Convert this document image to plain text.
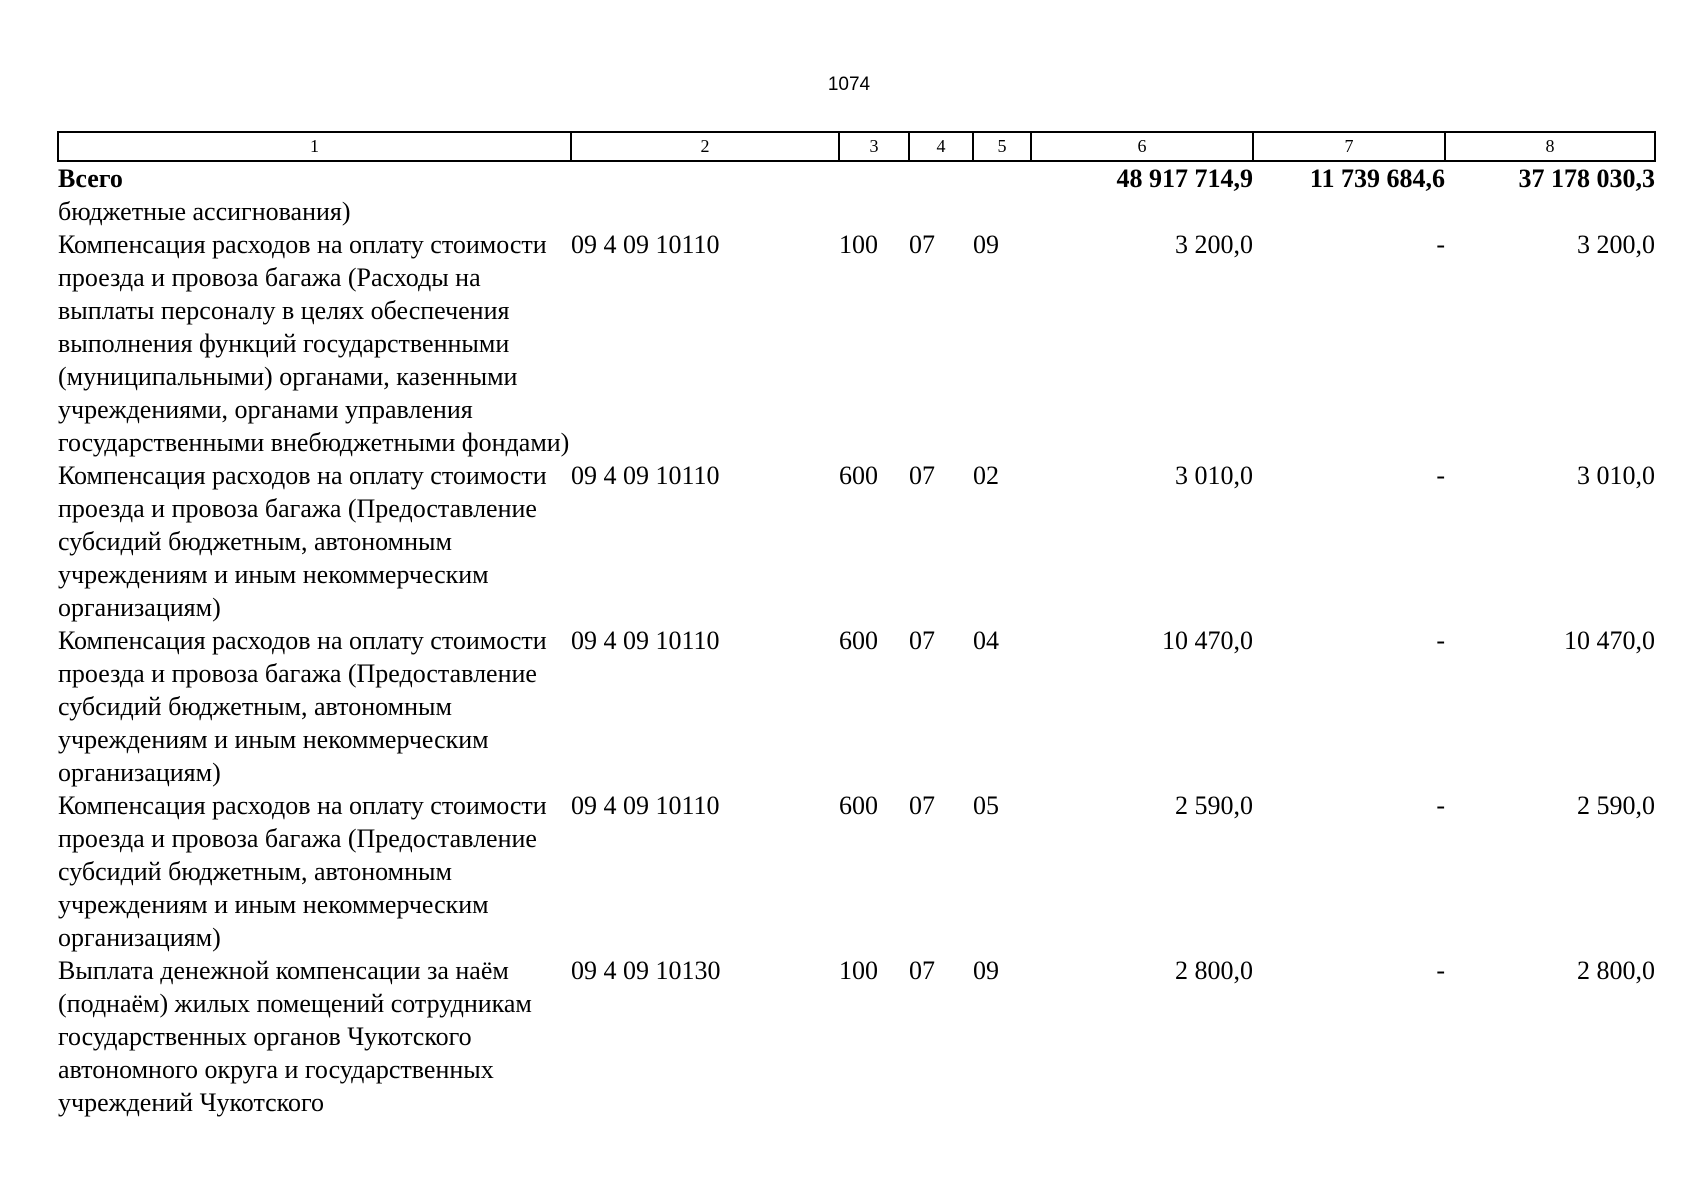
1074
1	2	3	4	5	6	7	8
Всего					48 917 714,9	11 739 684,6	37 178 030,3
бюджетные ассигнования)							
Компенсация расходов на оплату стоимости проезда и провоза багажа (Расходы на выплаты персоналу в целях обеспечения выполнения функций государственными (муниципальными) органами, казенными учреждениями, органами управления государственными внебюджетными фондами)	09 4 09 10110	100	07	09	3 200,0	-	3 200,0
Компенсация расходов на оплату стоимости проезда и провоза багажа (Предоставление субсидий бюджетным, автономным учреждениям и иным некоммерческим организациям)	09 4 09 10110	600	07	02	3 010,0	-	3 010,0
Компенсация расходов на оплату стоимости проезда и провоза багажа (Предоставление субсидий бюджетным, автономным учреждениям и иным некоммерческим организациям)	09 4 09 10110	600	07	04	10 470,0	-	10 470,0
Компенсация расходов на оплату стоимости проезда и провоза багажа (Предоставление субсидий бюджетным, автономным учреждениям и иным некоммерческим организациям)	09 4 09 10110	600	07	05	2 590,0	-	2 590,0
Выплата денежной компенсации за наём (поднаём) жилых помещений сотрудникам государственных органов Чукотского автономного округа и государственных учреждений Чукотского	09 4 09 10130	100	07	09	2 800,0	-	2 800,0
